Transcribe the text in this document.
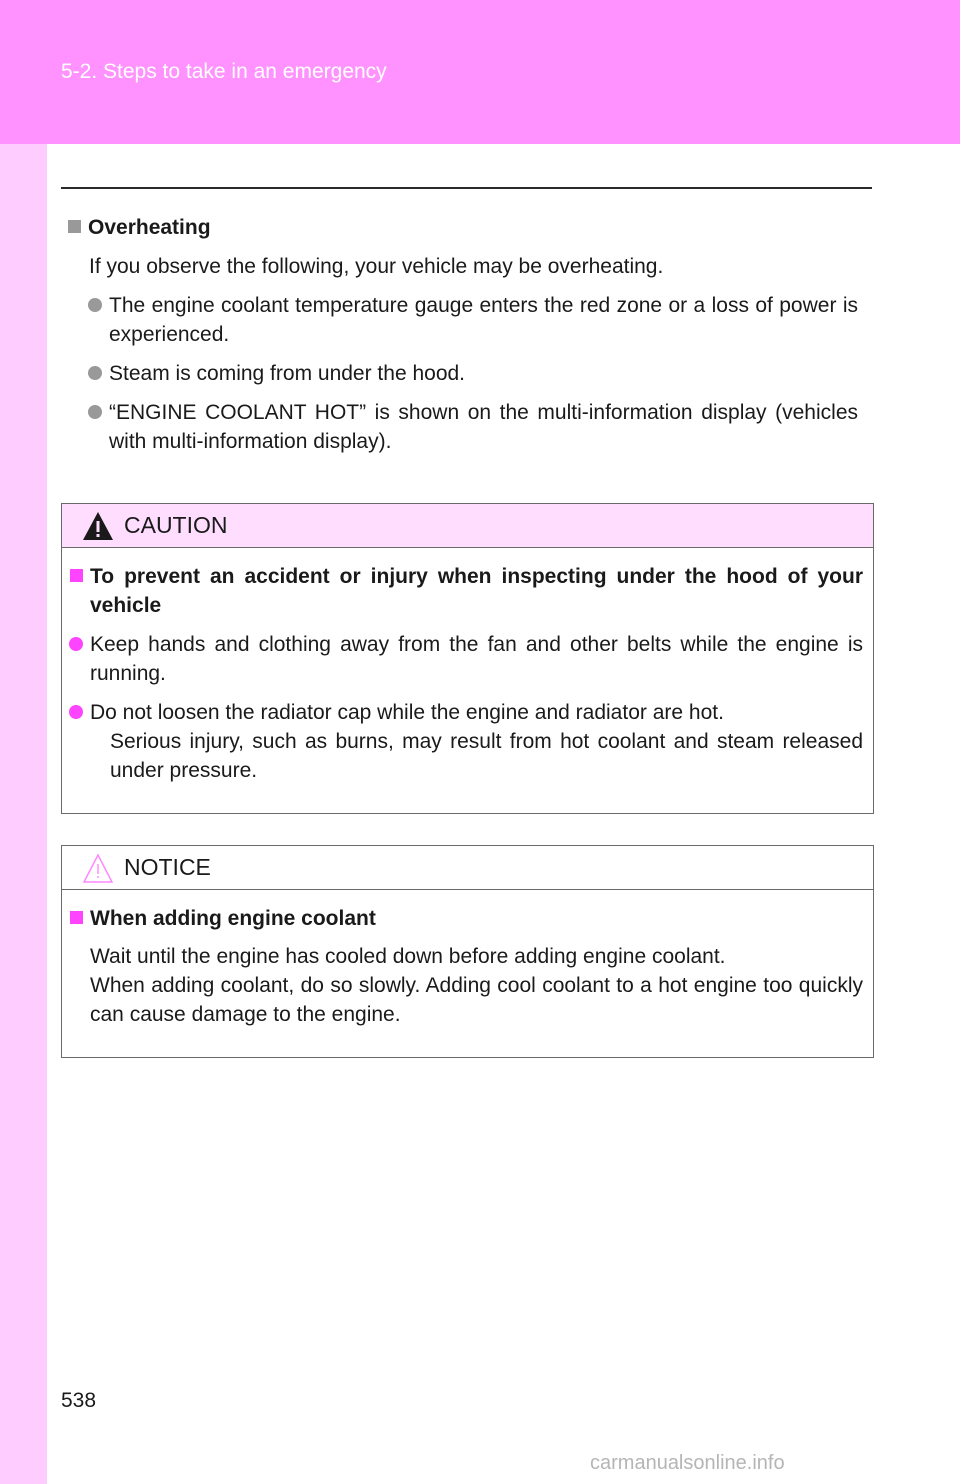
5-2. Steps to take in an emergency
Overheating
If you observe the following, your vehicle may be overheating.
The engine coolant temperature gauge enters the red zone or a loss of power is experienced.
Steam is coming from under the hood.
“ENGINE COOLANT HOT” is shown on the multi-information display (vehicles with multi-information display).
CAUTION
To prevent an accident or injury when inspecting under the hood of your vehicle
Keep hands and clothing away from the fan and other belts while the engine is running.
Do not loosen the radiator cap while the engine and radiator are hot.
Serious injury, such as burns, may result from hot coolant and steam released under pressure.
NOTICE
When adding engine coolant
Wait until the engine has cooled down before adding engine coolant.
When adding coolant, do so slowly. Adding cool coolant to a hot engine too quickly can cause damage to the engine.
538
carmanualsonline.info
